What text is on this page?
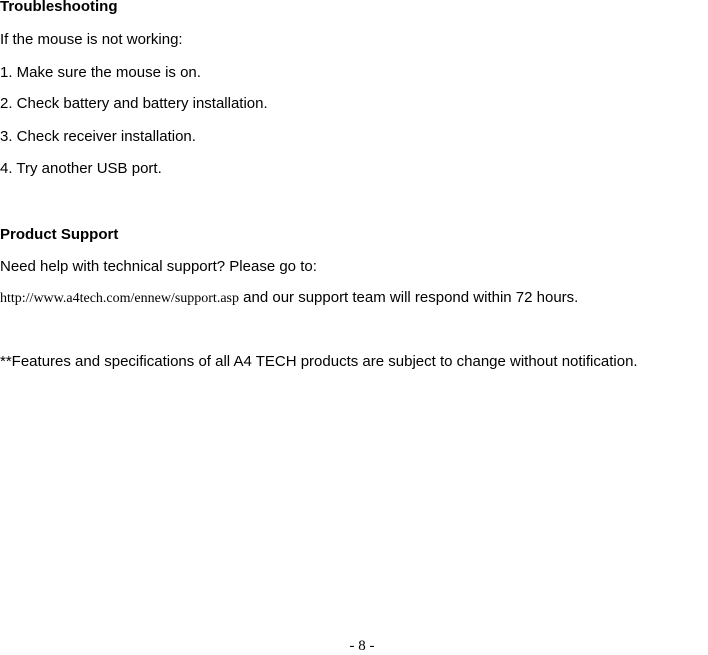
Troubleshooting
If the mouse is not working:
1. Make sure the mouse is on.
2. Check battery and battery installation.
3. Check receiver installation.
4. Try another USB port.
Product Support
Need help with technical support? Please go to:
http://www.a4tech.com/ennew/support.asp and our support team will respond within 72 hours.
**Features and specifications of all A4 TECH products are subject to change without notification.
- 8 -
